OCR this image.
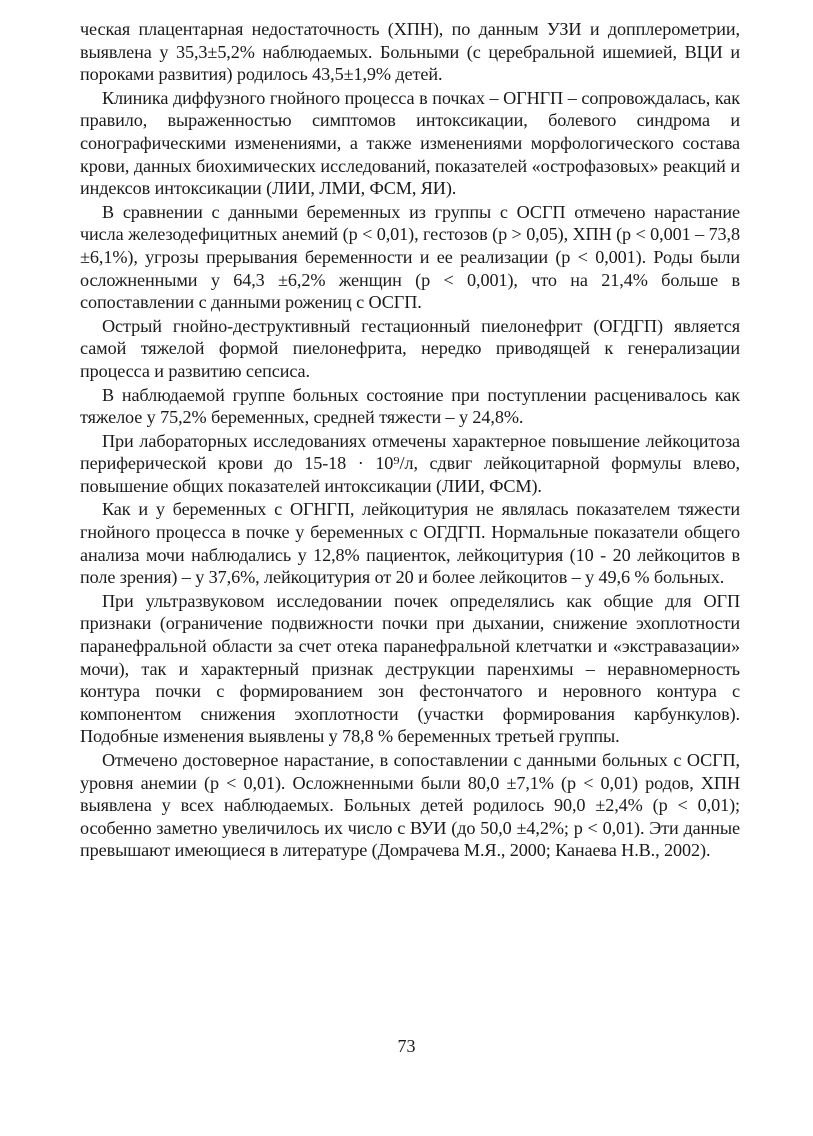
ческая плацентарная недостаточность (ХПН), по данным УЗИ и допплерометрии, выявлена у 35,3±5,2% наблюдаемых. Больными (с церебральной ишемией, ВЦИ и пороками развития) родилось 43,5±1,9% детей.

Клиника диффузного гнойного процесса в почках – ОГНГП – сопровождалась, как правило, выраженностью симптомов интоксикации, болевого синдрома и сонографическими изменениями, а также изменениями морфологического состава крови, данных биохимических исследований, показателей «острофазовых» реакций и индексов интоксикации (ЛИИ, ЛМИ, ФСМ, ЯИ).

В сравнении с данными беременных из группы с ОСГП отмечено нарастание числа железодефицитных анемий (p < 0,01), гестозов (p > 0,05), ХПН (p < 0,001 – 73,8 ±6,1%), угрозы прерывания беременности и ее реализации (p < 0,001). Роды были осложненными у 64,3 ±6,2% женщин (p < 0,001), что на 21,4% больше в сопоставлении с данными рожениц с ОСГП.

Острый гнойно-деструктивный гестационный пиелонефрит (ОГДГП) является самой тяжелой формой пиелонефрита, нередко приводящей к генерализации процесса и развитию сепсиса.

В наблюдаемой группе больных состояние при поступлении расценивалось как тяжелое у 75,2% беременных, средней тяжести – у 24,8%.

При лабораторных исследованиях отмечены характерное повышение лейкоцитоза периферической крови до 15-18 · 10⁹/л, сдвиг лейкоцитарной формулы влево, повышение общих показателей интоксикации (ЛИИ, ФСМ).

Как и у беременных с ОГНГП, лейкоцитурия не являлась показателем тяжести гнойного процесса в почке у беременных с ОГДГП. Нормальные показатели общего анализа мочи наблюдались у 12,8% пациенток, лейкоцитурия (10 - 20 лейкоцитов в поле зрения) – у 37,6%, лейкоцитурия от 20 и более лейкоцитов – у 49,6 % больных.

При ультразвуковом исследовании почек определялись как общие для ОГП признаки (ограничение подвижности почки при дыхании, снижение эхоплотности паранефральной области за счет отека паранефральной клетчатки и «экстравазации» мочи), так и характерный признак деструкции паренхимы – неравномерность контура почки с формированием зон фестончатого и неровного контура с компонентом снижения эхоплотности (участки формирования карбункулов). Подобные изменения выявлены у 78,8 % беременных третьей группы.

Отмечено достоверное нарастание, в сопоставлении с данными больных с ОСГП, уровня анемии (p < 0,01). Осложненными были 80,0 ±7,1% (p < 0,01) родов, ХПН выявлена у всех наблюдаемых. Больных детей родилось 90,0 ±2,4% (p < 0,01); особенно заметно увеличилось их число с ВУИ (до 50,0 ±4,2%; p < 0,01). Эти данные превышают имеющиеся в литературе (Домрачева М.Я., 2000; Канаева Н.В., 2002).

73
